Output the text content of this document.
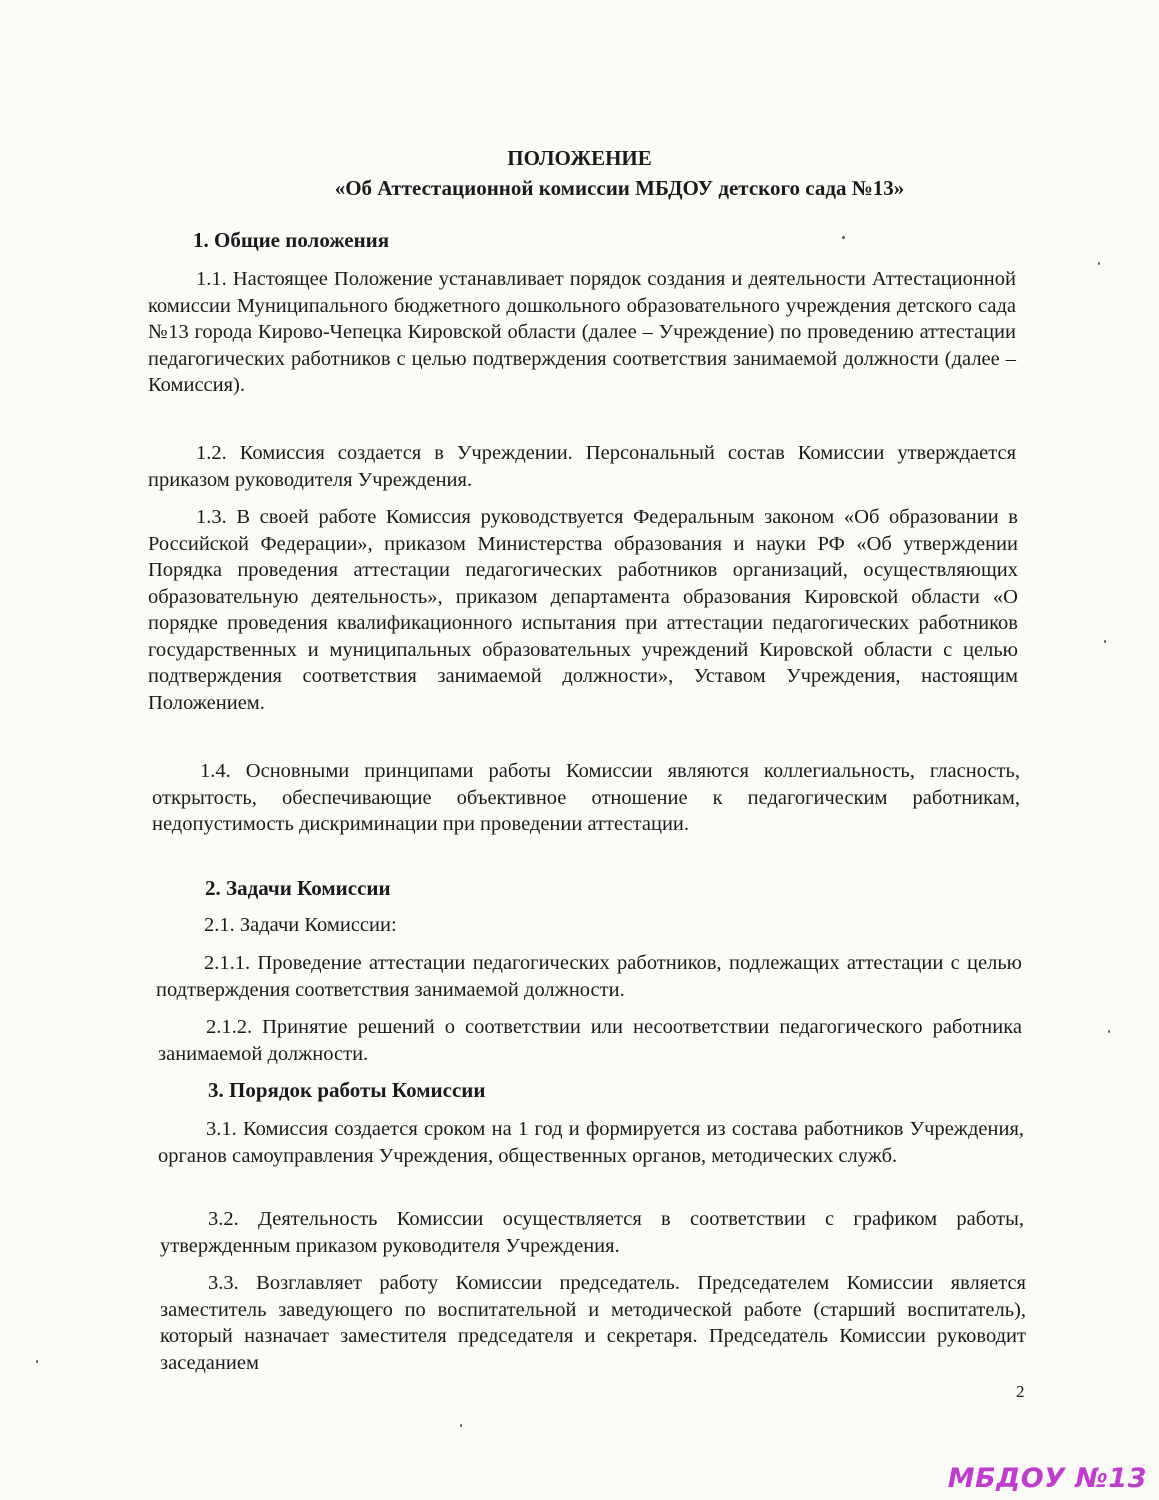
ПОЛОЖЕНИЕ
«Об Аттестационной комиссии МБДОУ детского сада №13»
1. Общие положения

1.1. Настоящее Положение устанавливает порядок создания и деятельности Аттестационной комиссии Муниципального бюджетного дошкольного образовательного учреждения детского сада №13 города Кирово-Чепецка Кировской области (далее – Учреждение) по проведению аттестации педагогических работников с целью подтверждения соответствия занимаемой должности (далее – Комиссия).

1.2. Комиссия создается в Учреждении. Персональный состав Комиссии утверждается приказом руководителя Учреждения.

1.3. В своей работе Комиссия руководствуется Федеральным законом «Об образовании в Российской Федерации», приказом Министерства образования и науки РФ «Об утверждении Порядка проведения аттестации педагогических работников организаций, осуществляющих образовательную деятельность», приказом департамента образования Кировской области «О порядке проведения квалификационного испытания при аттестации педагогических работников государственных и муниципальных образовательных учреждений Кировской области с целью подтверждения соответствия занимаемой должности», Уставом Учреждения, настоящим Положением.

1.4. Основными принципами работы Комиссии являются коллегиальность, гласность, открытость, обеспечивающие объективное отношение к педагогическим работникам, недопустимость дискриминации при проведении аттестации.

2. Задачи Комиссии

2.1. Задачи Комиссии:

2.1.1. Проведение аттестации педагогических работников, подлежащих аттестации с целью подтверждения соответствия занимаемой должности.

2.1.2. Принятие решений о соответствии или несоответствии педагогического работника занимаемой должности.

3. Порядок работы Комиссии

3.1. Комиссия создается сроком на 1 год и формируется из состава работников Учреждения, органов самоуправления Учреждения, общественных органов, методических служб.

3.2. Деятельность Комиссии осуществляется в соответствии с графиком работы, утвержденным приказом руководителя Учреждения.

3.3. Возглавляет работу Комиссии председатель. Председателем Комиссии является заместитель заведующего по воспитательной и методической работе (старший воспитатель), который назначает заместителя председателя и секретаря. Председатель Комиссии руководит заседанием

2
МБДОУ №13
